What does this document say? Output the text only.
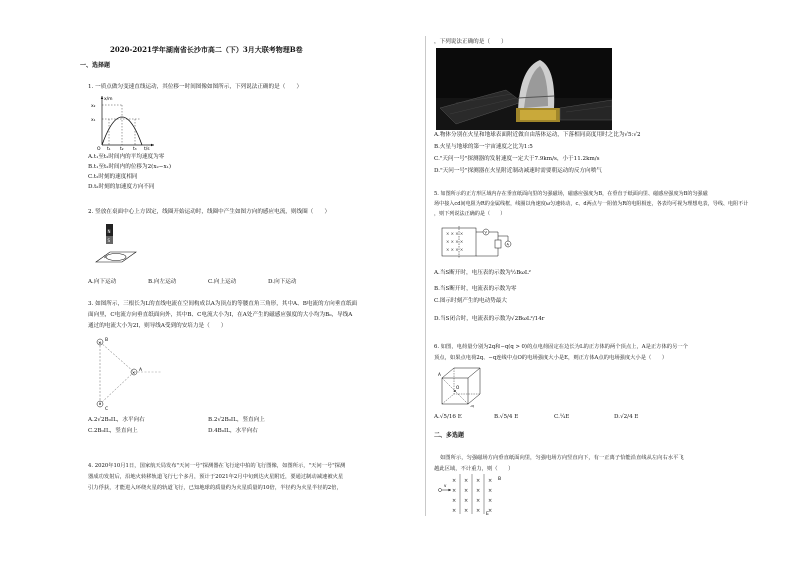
2020-2021学年湖南省长沙市高二（下）3月大联考物理B卷
一、选择题
1. 一质点做匀变速直线运动，其位移一时间图像如图所示，下列说法正确的是（　　）
x/m
x₂
x₁
O t₁ t₂ t₃ t/s
A.t₁至t₂时间内的平均速度为零
B.t₁至t₂时间内的位移为2(x₂−x₁)
C.t₂时刻的速度相同
D.t₂时刻的加速度方向不同
2. 竖放在桌面中心上方固定，线圈开始运动时，线圈中产生如图方向的感应电流，则线圈（　　）
N
S
A.向下运动	B.向左运动	C.向上运动	D.向下运动
3. 如图所示，三根长为L的直线电流在空间构成以A为顶点的等腰直角三角形，其中A、B电流的方向垂直纸面
面向里，C电流方向垂直纸面向外，其中B、C电流大小为I，在A处产生的磁感应强度的大小均为B₀，导线A
通过的电流大小为2I，则导线A受到的安培力是（　　）
×
×
B
A
C
A.2√2B₀IL，水平向右	B.2√2B₀IL，竖直向上
C.2B₀IL，竖直向上	D.4B₀IL，水平向右
4. 2020年10月1日，国家航天局发布"天问一号"探测器在飞行途中拍的飞行图像，如图所示，"天问一号"探测
器成功发射后，沿地火转移轨道飞行七个多月，预计于2021年2月中旬到达火星附近，要通过制动减速被火星
引力俘获，才能进入环绕火星的轨道飞行，已知地球的质量约为火星质量的10倍，半径约为火星半径的2倍，
，下列说法正确的是（　　）
A.物体分别在火星和地球表面附近做自由落体运动，下落相同高度用时之比为√5:√2
B.火星与地球的第一宇宙速度之比为1:5
C."天问一号"探测器的发射速度一定大于7.9km/s，小于11.2km/s
D."天问一号"探测器在火星附近制动减速时需要朝运动的反方向喷气
5. 如图所示的正方形区域内存在垂直纸面向里的匀强磁场，磁感应强度为B，在垂直于纸面向里、磁感应强度为B的匀强磁
场中接入cd间电阻为R的金属线框，线圈以角速度ω匀速转动，c、d两点与一阻值为R的电阻相连，各表均可视为理想电表，导线、电阻不计
，则下列说法正确的是（　　）
× × × ×
× × × ×
× × × ×
V
A
A.当S断开时，电压表的示数为½BωL²
B.当S断开时，电流表的示数为零
C.图示时刻产生的电动势最大
D.当S闭合时，电流表的示数为√2BωL²/14r
6. 如图，电荷量分别为2q和−q(q > 0)的点电荷固定在边长为L的正方体的两个顶点上，A是正方体的另一个
顶点，如果点电荷2q、−q连线中点O的电场强度大小是E，则正方体A点的电场强度大小是（　　）
A
O
-q
A.√5/16 E	B.√5/4 E	C.¼E	D.√2/4 E
二、多选题
如图所示，匀强磁场方向垂直纸面向里，匀强电场方向竖直向下，有一正离子恰能沿直线从左向右水平飞
越此区域，不计重力，则（　　）
× × × ×
× × × ×
× × × ×
× × × ×
v
B
E
